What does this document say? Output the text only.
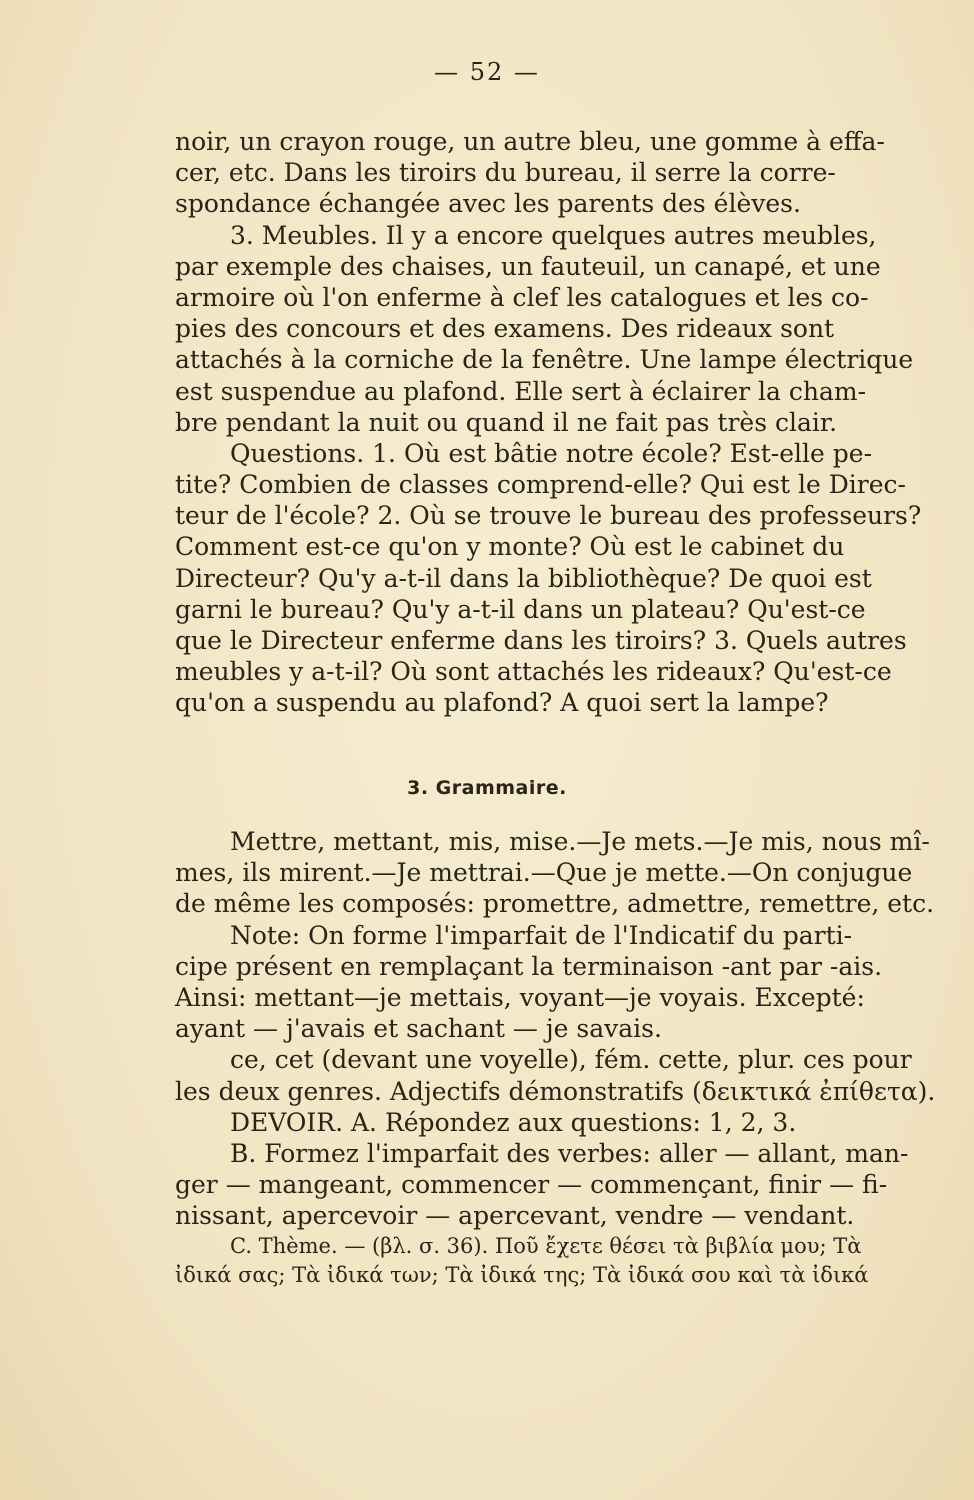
— 52 —
noir, un crayon rouge, un autre bleu, une gomme à effa-
cer, etc. Dans les tiroirs du bureau, il serre la corre-
spondance échangée avec les parents des élèves.
3. Meubles. Il y a encore quelques autres meubles,
par exemple des chaises, un fauteuil, un canapé, et une
armoire où l'on enferme à clef les catalogues et les co-
pies des concours et des examens. Des rideaux sont
attachés à la corniche de la fenêtre. Une lampe électrique
est suspendue au plafond. Elle sert à éclairer la cham-
bre pendant la nuit ou quand il ne fait pas très clair.
Questions. 1. Où est bâtie notre école? Est-elle pe-
tite? Combien de classes comprend-elle? Qui est le Direc-
teur de l'école? 2. Où se trouve le bureau des professeurs?
Comment est-ce qu'on y monte? Où est le cabinet du
Directeur? Qu'y a-t-il dans la bibliothèque? De quoi est
garni le bureau? Qu'y a-t-il dans un plateau? Qu'est-ce
que le Directeur enferme dans les tiroirs? 3. Quels autres
meubles y a-t-il? Où sont attachés les rideaux? Qu'est-ce
qu'on a suspendu au plafond? A quoi sert la lampe?
3. Grammaire.
Mettre, mettant, mis, mise.—Je mets.—Je mis, nous mî-
mes, ils mirent.—Je mettrai.—Que je mette.—On conjugue
de même les composés: promettre, admettre, remettre, etc.
Note: On forme l'imparfait de l'Indicatif du parti-
cipe présent en remplaçant la terminaison -ant par -ais.
Ainsi: mettant—je mettais, voyant—je voyais. Excepté:
ayant — j'avais et sachant — je savais.
ce, cet (devant une voyelle), fém. cette, plur. ces pour
les deux genres. Adjectifs démonstratifs (δεικτικά ἐπίθετα).
DEVOIR. A. Répondez aux questions: 1, 2, 3.
B. Formez l'imparfait des verbes: aller — allant, man-
ger — mangeant, commencer — commençant, finir — fi-
nissant, apercevoir — apercevant, vendre — vendant.
C. Thème. — (βλ. σ. 36). Ποῦ ἔχετε θέσει τὰ βιβλία μου; Τὰ
ἰδικά σας; Τὰ ἰδικά των; Τὰ ἰδικά της; Τὰ ἰδικά σου καὶ τὰ ἰδικά
